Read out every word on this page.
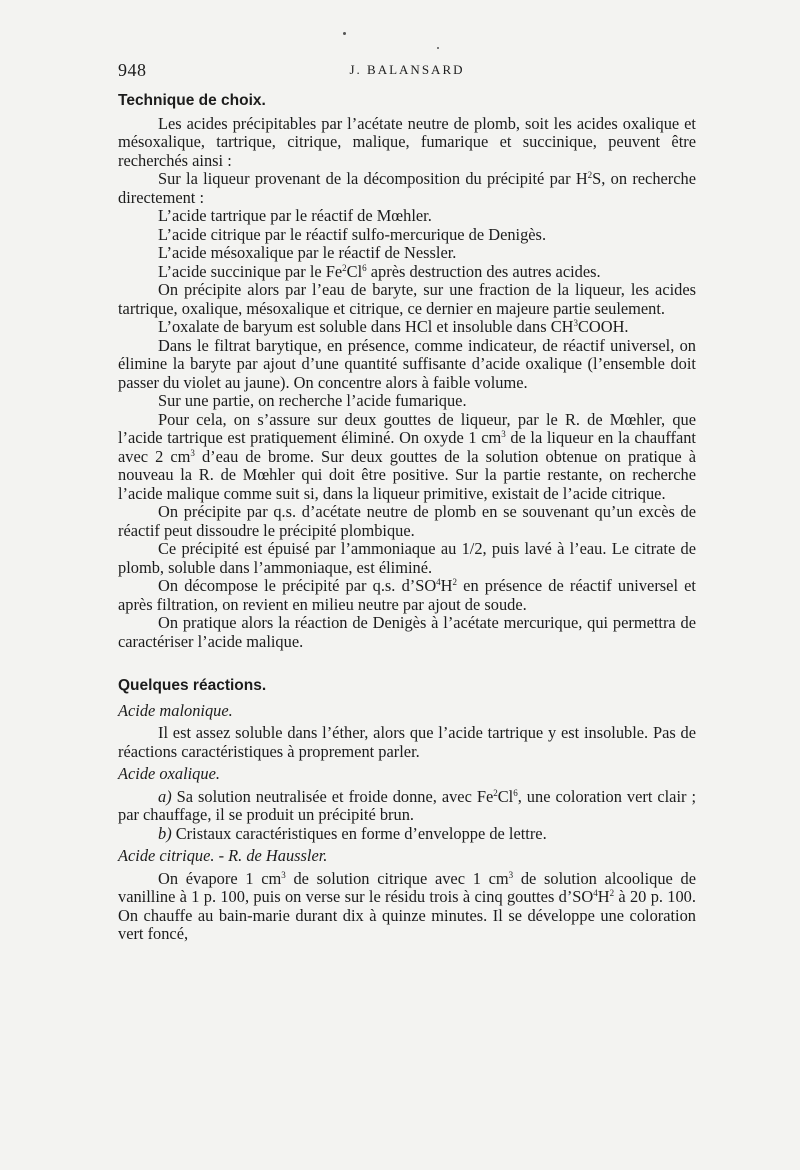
948	J. BALANSARD
Technique de choix.

Les acides précipitables par l’acétate neutre de plomb, soit les acides oxalique et mésoxalique, tartrique, citrique, malique, fumarique et succinique, peuvent être recherchés ainsi :

Sur la liqueur provenant de la décomposition du précipité par $H^2S$, on recherche directement :

L’acide tartrique par le réactif de Mœhler.

L’acide citrique par le réactif sulfo-mercurique de Denigès.

L’acide mésoxalique par le réactif de Nessler.

L’acide succinique par le Fe$^2$Cl$^6$ après destruction des autres acides.

On précipite alors par l’eau de baryte, sur une fraction de la liqueur, les acides tartrique, oxalique, mésoxalique et citrique, ce dernier en majeure partie seulement.

L’oxalate de baryum est soluble dans HCl et insoluble dans $CH^3COOH$.

Dans le filtrat barytique, en présence, comme indicateur, de réactif universel, on élimine la baryte par ajout d’une quantité suffisante d’acide oxalique (l’ensemble doit passer du violet au jaune). On concentre alors à faible volume.

Sur une partie, on recherche l’acide fumarique.

Pour cela, on s’assure sur deux gouttes de liqueur, par le R. de Mœhler, que l’acide tartrique est pratiquement éliminé. On oxyde 1 $cm^3$ de la liqueur en la chauffant avec 2 $cm^3$ d’eau de brome. Sur deux gouttes de la solution obtenue on pratique à nouveau la R. de Mœhler qui doit être positive. Sur la partie restante, on recherche l’acide malique comme suit si, dans la liqueur primitive, existait de l’acide citrique.

On précipite par q.s. d’acétate neutre de plomb en se souvenant qu’un excès de réactif peut dissoudre le précipité plombique.

Ce précipité est épuisé par l’ammoniaque au 1/2, puis lavé à l’eau. Le citrate de plomb, soluble dans l’ammoniaque, est éliminé.

On décompose le précipité par q.s. $d’SO^4H^2$ en présence de réactif universel et après filtration, on revient en milieu neutre par ajout de soude.

On pratique alors la réaction de Denigès à l’acétate mercurique, qui permettra de caractériser l’acide malique.

Quelques réactions.
Acide malonique.

Il est assez soluble dans l’éther, alors que l’acide tartrique y est insoluble. Pas de réactions caractéristiques à proprement parler.

Acide oxalique.

a) Sa solution neutralisée et froide donne, avec Fe$^2$Cl$^6$, une coloration vert clair ; par chauffage, il se produit un précipité brun.

b) Cristaux caractéristiques en forme d’enveloppe de lettre.

Acide citrique. - R. de Haussler.

On évapore 1 $cm^3$ de solution citrique avec 1 $cm^3$ de solution alcoolique de vanilline à 1 p. 100, puis on verse sur le résidu trois à cinq gouttes $d’SO^4H^2$ à 20 p. 100. On chauffe au bain-marie durant dix à quinze minutes. Il se développe une coloration vert foncé,
